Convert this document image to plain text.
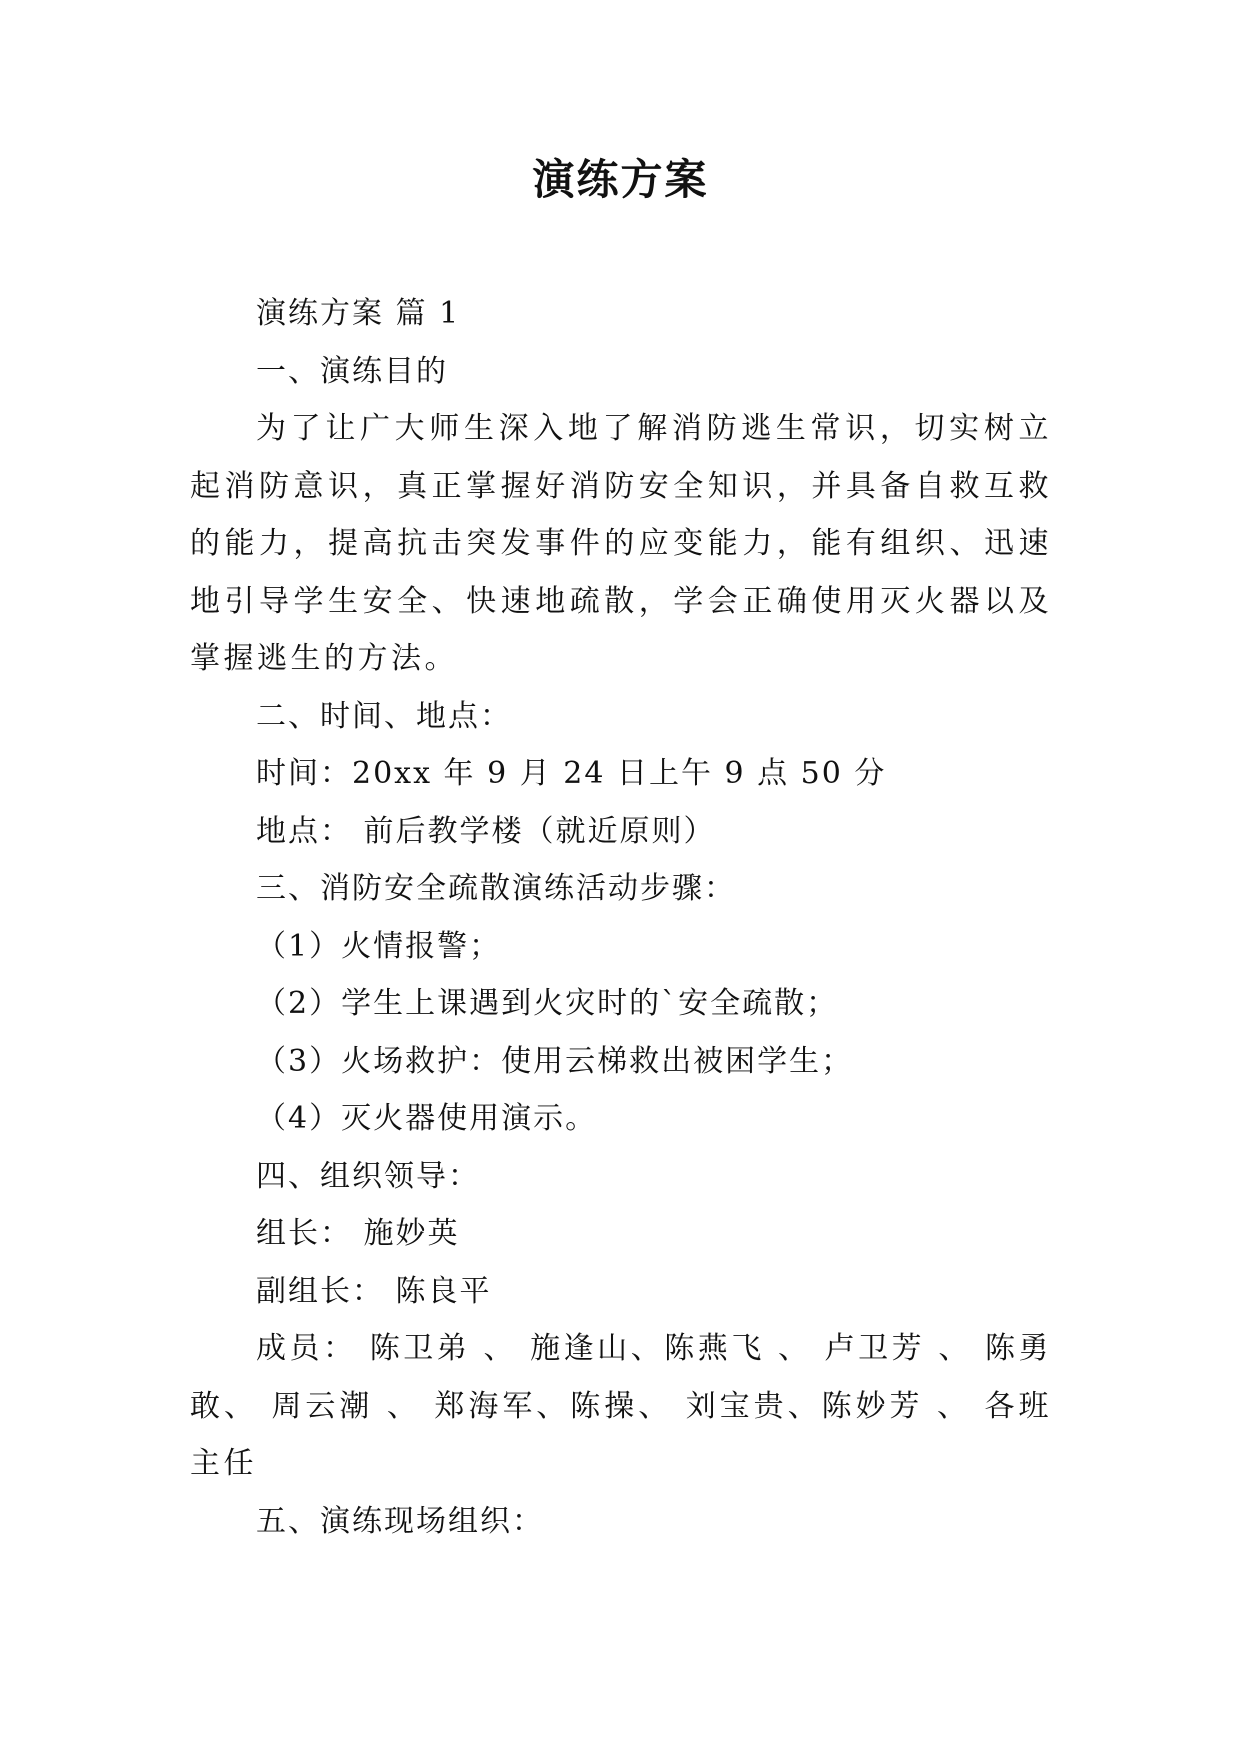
演练方案

演练方案 篇 1

一、演练目的

为了让广大师生深入地了解消防逃生常识，切实树立起消防意识，真正掌握好消防安全知识，并具备自救互救的能力，提高抗击突发事件的应变能力，能有组织、迅速地引导学生安全、快速地疏散，学会正确使用灭火器以及掌握逃生的方法。

二、时间、地点：

时间：20xx 年 9 月 24 日上午 9 点 50 分

地点： 前后教学楼（就近原则）

三、消防安全疏散演练活动步骤：

（1）火情报警；

（2）学生上课遇到火灾时的`安全疏散；

（3）火场救护：使用云梯救出被困学生；

（4）灭火器使用演示。

四、组织领导：

组长： 施妙英

副组长： 陈良平

成员： 陈卫弟 、 施逢山、陈燕飞 、 卢卫芳 、 陈勇敢、 周云潮 、 郑海军、陈操、 刘宝贵、陈妙芳 、 各班主任

五、演练现场组织：
